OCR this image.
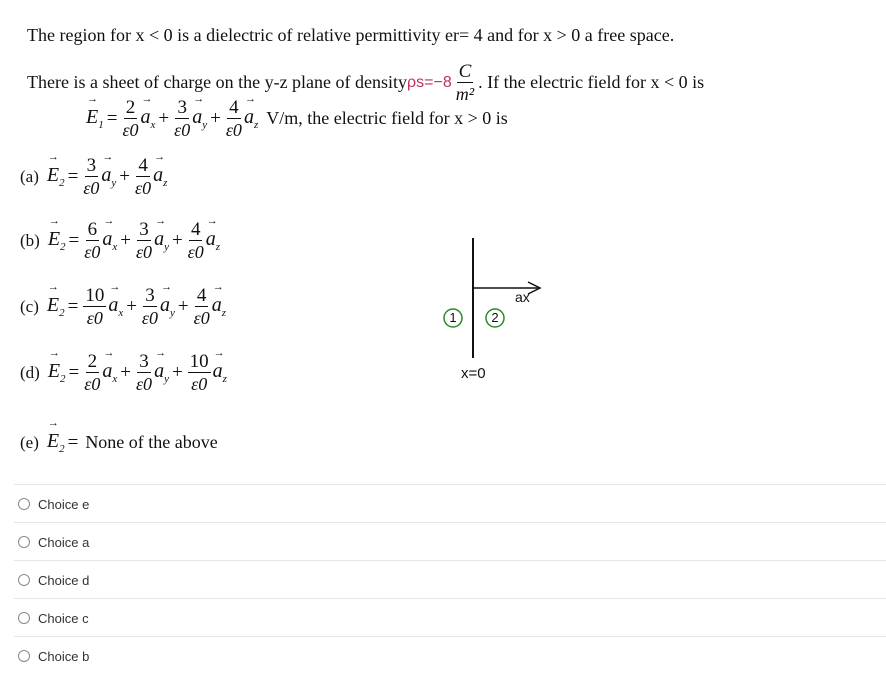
The region for x < 0 is a dielectric of relative permittivity er= 4 and for x > 0 a free space.
There is a sheet of charge on the y-z plane of density $\rho s=-8 \frac{C}{\text{m²}}$ . If the electric field for x < 0 is
→ $E_1 = \frac{2}{\varepsilon 0}$
→ $a_x + \frac{3}{\varepsilon 0}$
→ $a_y + \frac{4}{\varepsilon 0}$
→ $a_z$ V/m, the electric field for x > 0 is
(a)
→ $E_2 = \frac{3}{\varepsilon 0}$
→ $a_y + \frac{4}{\varepsilon 0}$
→ $a_z$
(b)
→ $E_2 = \frac{6}{\varepsilon 0}$
→ $a_x + \frac{3}{\varepsilon 0}$
→ $a_y + \frac{4}{\varepsilon 0}$
→ $a_z$
(c)
→ $E_2 = \frac{10}{\varepsilon 0}$
→ $a_x + \frac{3}{\varepsilon 0}$
→ $a_y + \frac{4}{\varepsilon 0}$
→ $a_z$
(d)
→ $E_2 = \frac{2}{\varepsilon 0}$
→ $a_x + \frac{3}{\varepsilon 0}$
→ $a_y + \frac{10}{\varepsilon 0}$
→ $a_z$
(e)
→ $E_2$ = None of the above
ax
1	2
x=0
Choice e
Choice a
Choice d
Choice c
Choice b
